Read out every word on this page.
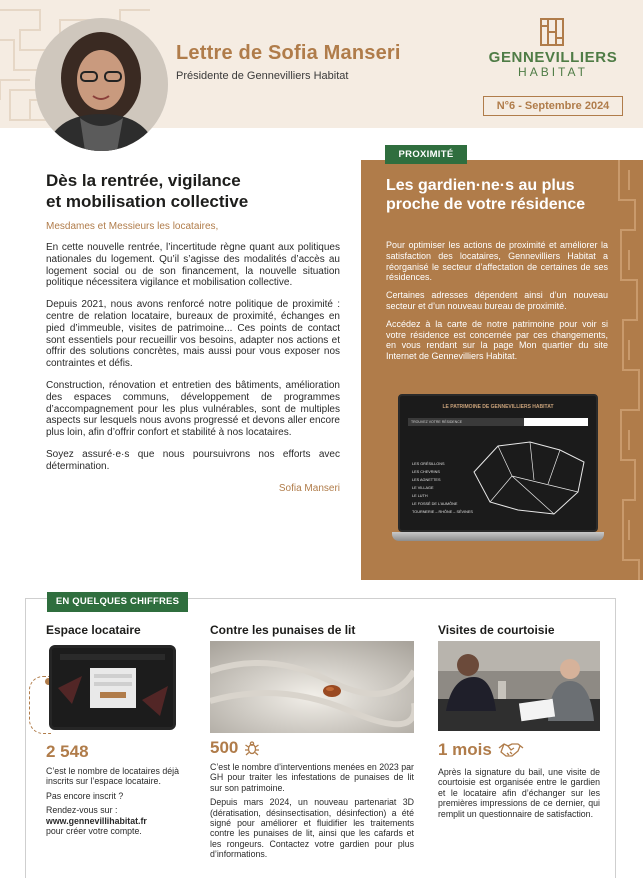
Lettre de Sofia Manseri
Présidente de Gennevilliers Habitat
GENNEVILLIERS
HABITAT
N°6 - Septembre 2024
Dès la rentrée, vigilance
et mobilisation collective
Mesdames et Messieurs les locataires,

En cette nouvelle rentrée, l’incertitude règne quant aux politiques nationales du logement. Qu’il s’agisse des modalités d’accès au logement social ou de son financement, la nouvelle situation politique nécessitera vigilance et mobilisation collective.

Depuis 2021, nous avons renforcé notre politique de proximité : centre de relation locataire, bureaux de proximité, échanges en pied d’immeuble, visites de patrimoine... Ces points de contact sont essentiels pour recueillir vos besoins, adapter nos actions et offrir des solutions concrètes, mais aussi pour vous exposer nos contraintes et défis.

Construction, rénovation et entretien des bâtiments, amélioration des espaces communs, développement de programmes d’accompagnement pour les plus vulnérables, sont de multiples aspects sur lesquels nous avons progressé et devons aller encore plus loin, afin d’offrir confort et stabilité à nos locataires.

Soyez assuré·e·s que nous poursuivrons nos efforts avec détermination.

Sofia Manseri
Les gardien·ne·s au plus proche de votre résidence

Pour optimiser les actions de proximité et améliorer la satisfaction des locataires, Gennevilliers Habitat a réorganisé le secteur d’affectation de certaines de ses résidences.

Certaines adresses dépendent ainsi d’un nouveau secteur et d’un nouveau bureau de proximité.

Accédez à la carte de notre patrimoine pour voir si votre résidence est concernée par ces changements, en vous rendant sur la page Mon quartier du site Internet de Gennevilliers Habitat.

LE PATRIMOINE DE GENNEVILLIERS HABITAT
TROUVEZ VOTRE RÉSIDENCE
LES GRÉSILLONS
LES CHEVRINS
LES AGNETTES
LE VILLAGE
LE LUTH
LE FOSSÉ DE L’AUMÔNE
TOURNERIE – RHÔNE – SÉVINES
PROXIMITÉ
EN QUELQUES CHIFFRES
Espace locataire
2 548

C’est le nombre de locataires déjà inscrits sur l’espace locataire.

Pas encore inscrit ?

Rendez-vous sur :

www.gennevillihabitat.fr

pour créer votre compte.

Contre les punaises de lit
500

C’est le nombre d’interventions menées en 2023 par GH pour traiter les infestations de punaises de lit sur son patrimoine.

Depuis mars 2024, un nouveau partenariat 3D (dératisation, désinsectisation, désinfection) a été signé pour améliorer et fluidifier les traitements contre les punaises de lit, ainsi que les cafards et les rongeurs. Contactez votre gardien pour plus d’informations.

Visites de courtoisie
1 mois

Après la signature du bail, une visite de courtoisie est organisée entre le gardien et le locataire afin d’échanger sur les premières impressions de ce dernier, qui remplit un questionnaire de satisfaction.
